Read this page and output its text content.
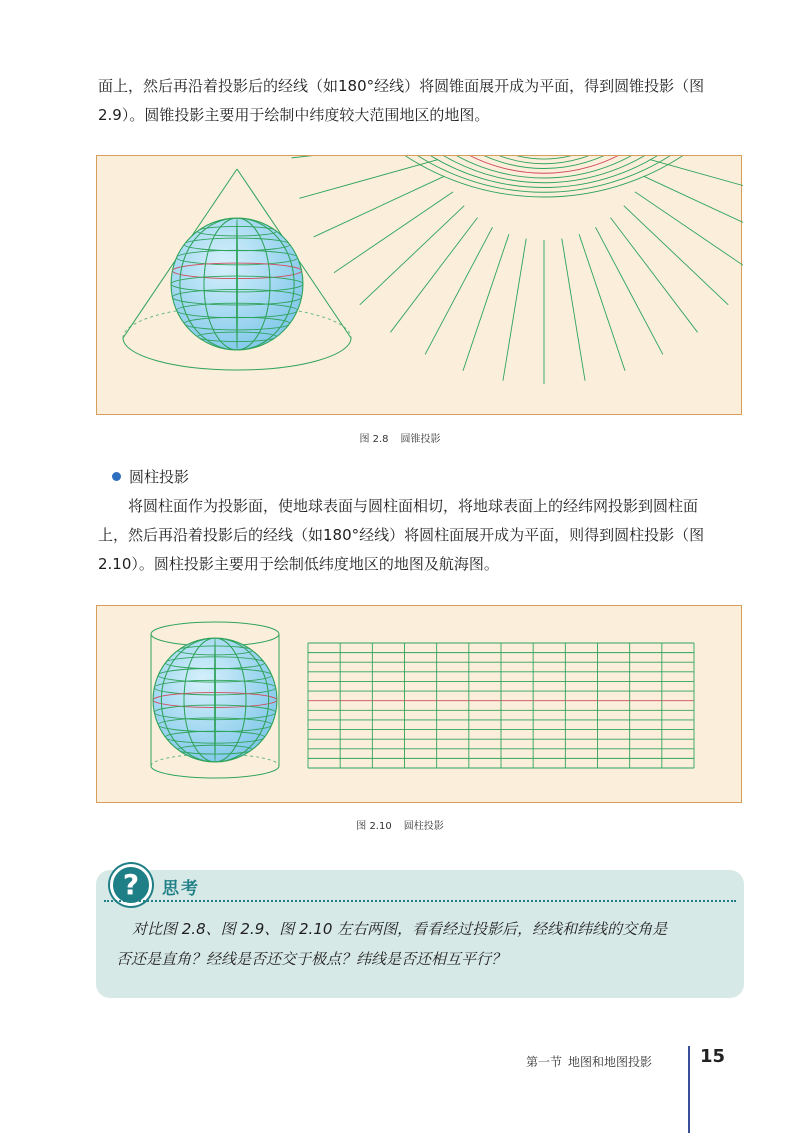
面上，然后再沿着投影后的经线（如180°经线）将圆锥面展开成为平面，得到圆锥投影（图
2.9）。圆锥投影主要用于绘制中纬度较大范围地区的地图。

图 2.8 圆锥投影
圆柱投影

将圆柱面作为投影面，使地球表面与圆柱面相切，将地球表面上的经纬网投影到圆柱面
上，然后再沿着投影后的经线（如180°经线）将圆柱面展开成为平面，则得到圆柱投影（图
2.10）。圆柱投影主要用于绘制低纬度地区的地图及航海图。

图 2.10 圆柱投影
?	思考
对比图 2.8、图 2.9、图 2.10 左右两图，看看经过投影后，经线和纬线的交角是
否还是直角？经线是否还交于极点？纬线是否还相互平行？
第一节 地图和地图投影	15
